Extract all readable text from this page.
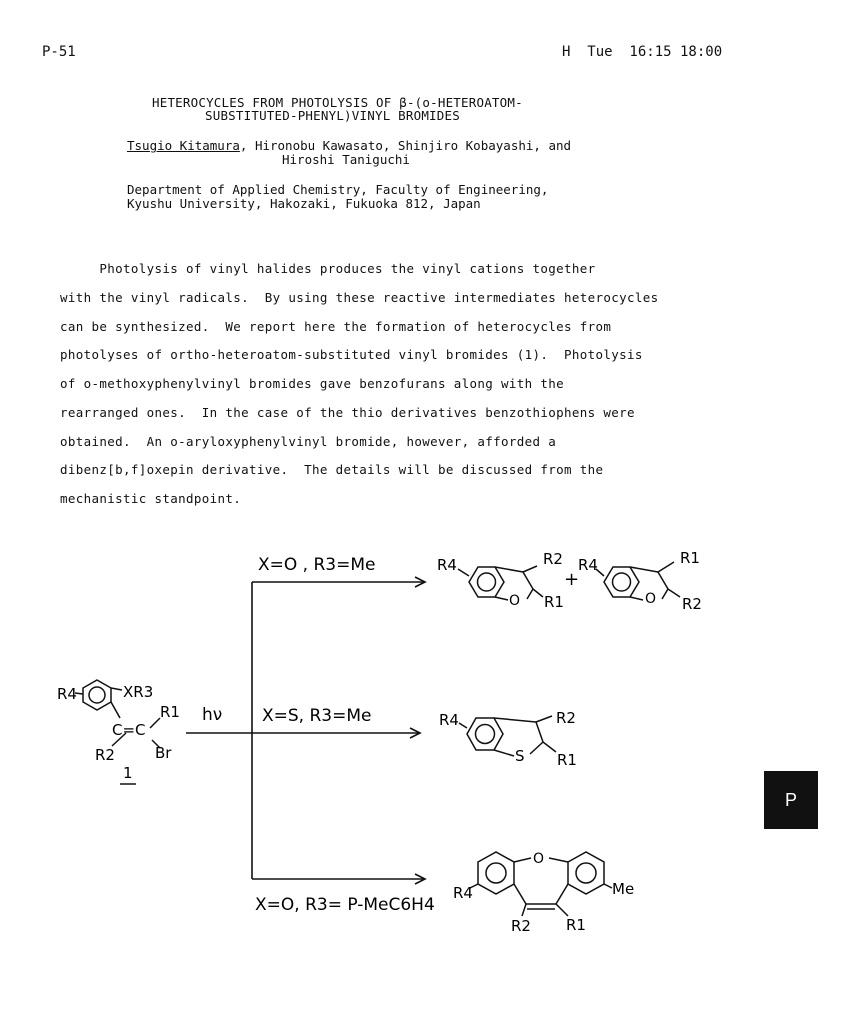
P-51	H  Tue  16:15 18:00
HETEROCYCLES FROM PHOTOLYSIS OF β-(o-HETEROATOM-
SUBSTITUTED-PHENYL)VINYL BROMIDES
Tsugio Kitamura, Hironobu Kawasato, Shinjiro Kobayashi, and
Hiroshi Taniguchi
Department of Applied Chemistry, Faculty of Engineering,
Kyushu University, Hakozaki, Fukuoka 812, Japan
Photolysis of vinyl halides produces the vinyl cations together
with the vinyl radicals.  By using these reactive intermediates heterocycles
can be synthesized.  We report here the formation of heterocycles from
photolyses of ortho-heteroatom-substituted vinyl bromides (1).  Photolysis
of o-methoxyphenylvinyl bromides gave benzofurans along with the
rearranged ones.  In the case of the thio derivatives benzothiophens were
obtained.  An o-aryloxyphenylvinyl bromide, however, afforded a
dibenz[b,f]oxepin derivative.  The details will be discussed from the
mechanistic standpoint.
R4	XR3
R1
C=C
R2	Br
1
hν
X=O , R3=Me
X=S, R3=Me
X=O, R3= P-MeC6H4
R4
O
R2
R1
+
R4
O
R1
R2
R4
S
R2
R1
O
R4	Me
R2 R1
P
